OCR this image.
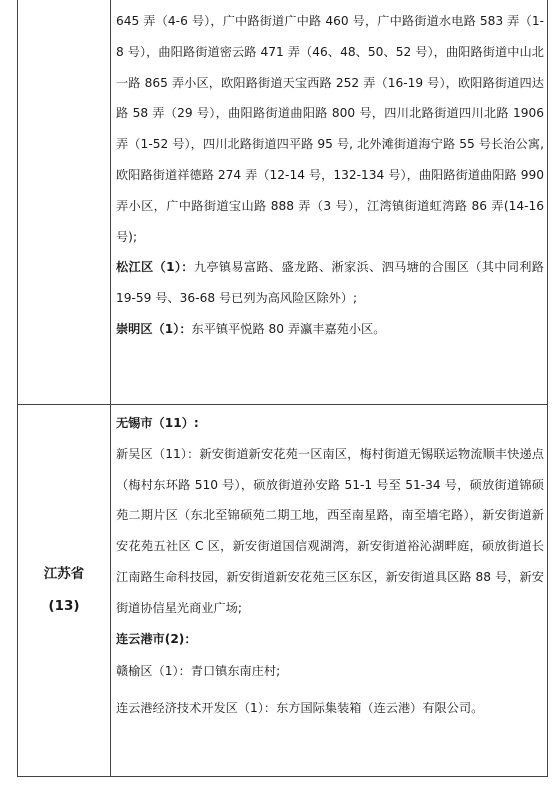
645 弄（4-6 号），广中路街道广中路 460 号，广中路街道水电路 583 弄（1-8 号），曲阳路街道密云路 471 弄（46、48、50、52 号），曲阳路街道中山北一路 865 弄小区，欧阳路街道天宝西路 252 弄（16-19 号），欧阳路街道四达路 58 弄（29 号），曲阳路街道曲阳路 800 号，四川北路街道四川北路 1906 弄（1-52 号），四川北路街道四平路 95 号, 北外滩街道海宁路 55 号长治公寓, 欧阳路街道祥德路 274 弄（12-14 号，132-134 号），曲阳路街道曲阳路 990 弄小区，广中路街道宝山路 888 弄（3 号），江湾镇街道虹湾路 86 弄(14-16 号);

松江区（1）：九亭镇易富路、盛龙路、淅家浜、泗马塘的合围区（其中同利路 19-59 号、36-68 号已列为高风险区除外）;

崇明区（1）：东平镇平悦路 80 弄瀛丰嘉苑小区。

江苏省
(13)

无锡市（11）:

新吴区（11）：新安街道新安花苑一区南区，梅村街道无锡联运物流顺丰快递点（梅村东环路 510 号），硕放街道孙安路 51-1 号至 51-34 号，硕放街道锦硕苑二期片区（东北至锦硕苑二期工地，西至南星路，南至墙宅路），新安街道新安花苑五社区 C 区，新安街道国信观湖湾，新安街道裕沁湖畔庭，硕放街道长江南路生命科技园，新安街道新安花苑三区东区，新安街道具区路 88 号，新安街道协信星光商业广场;

连云港市(2)：

赣榆区（1）：青口镇东南庄村;

连云港经济技术开发区（1）：东方国际集装箱（连云港）有限公司。
